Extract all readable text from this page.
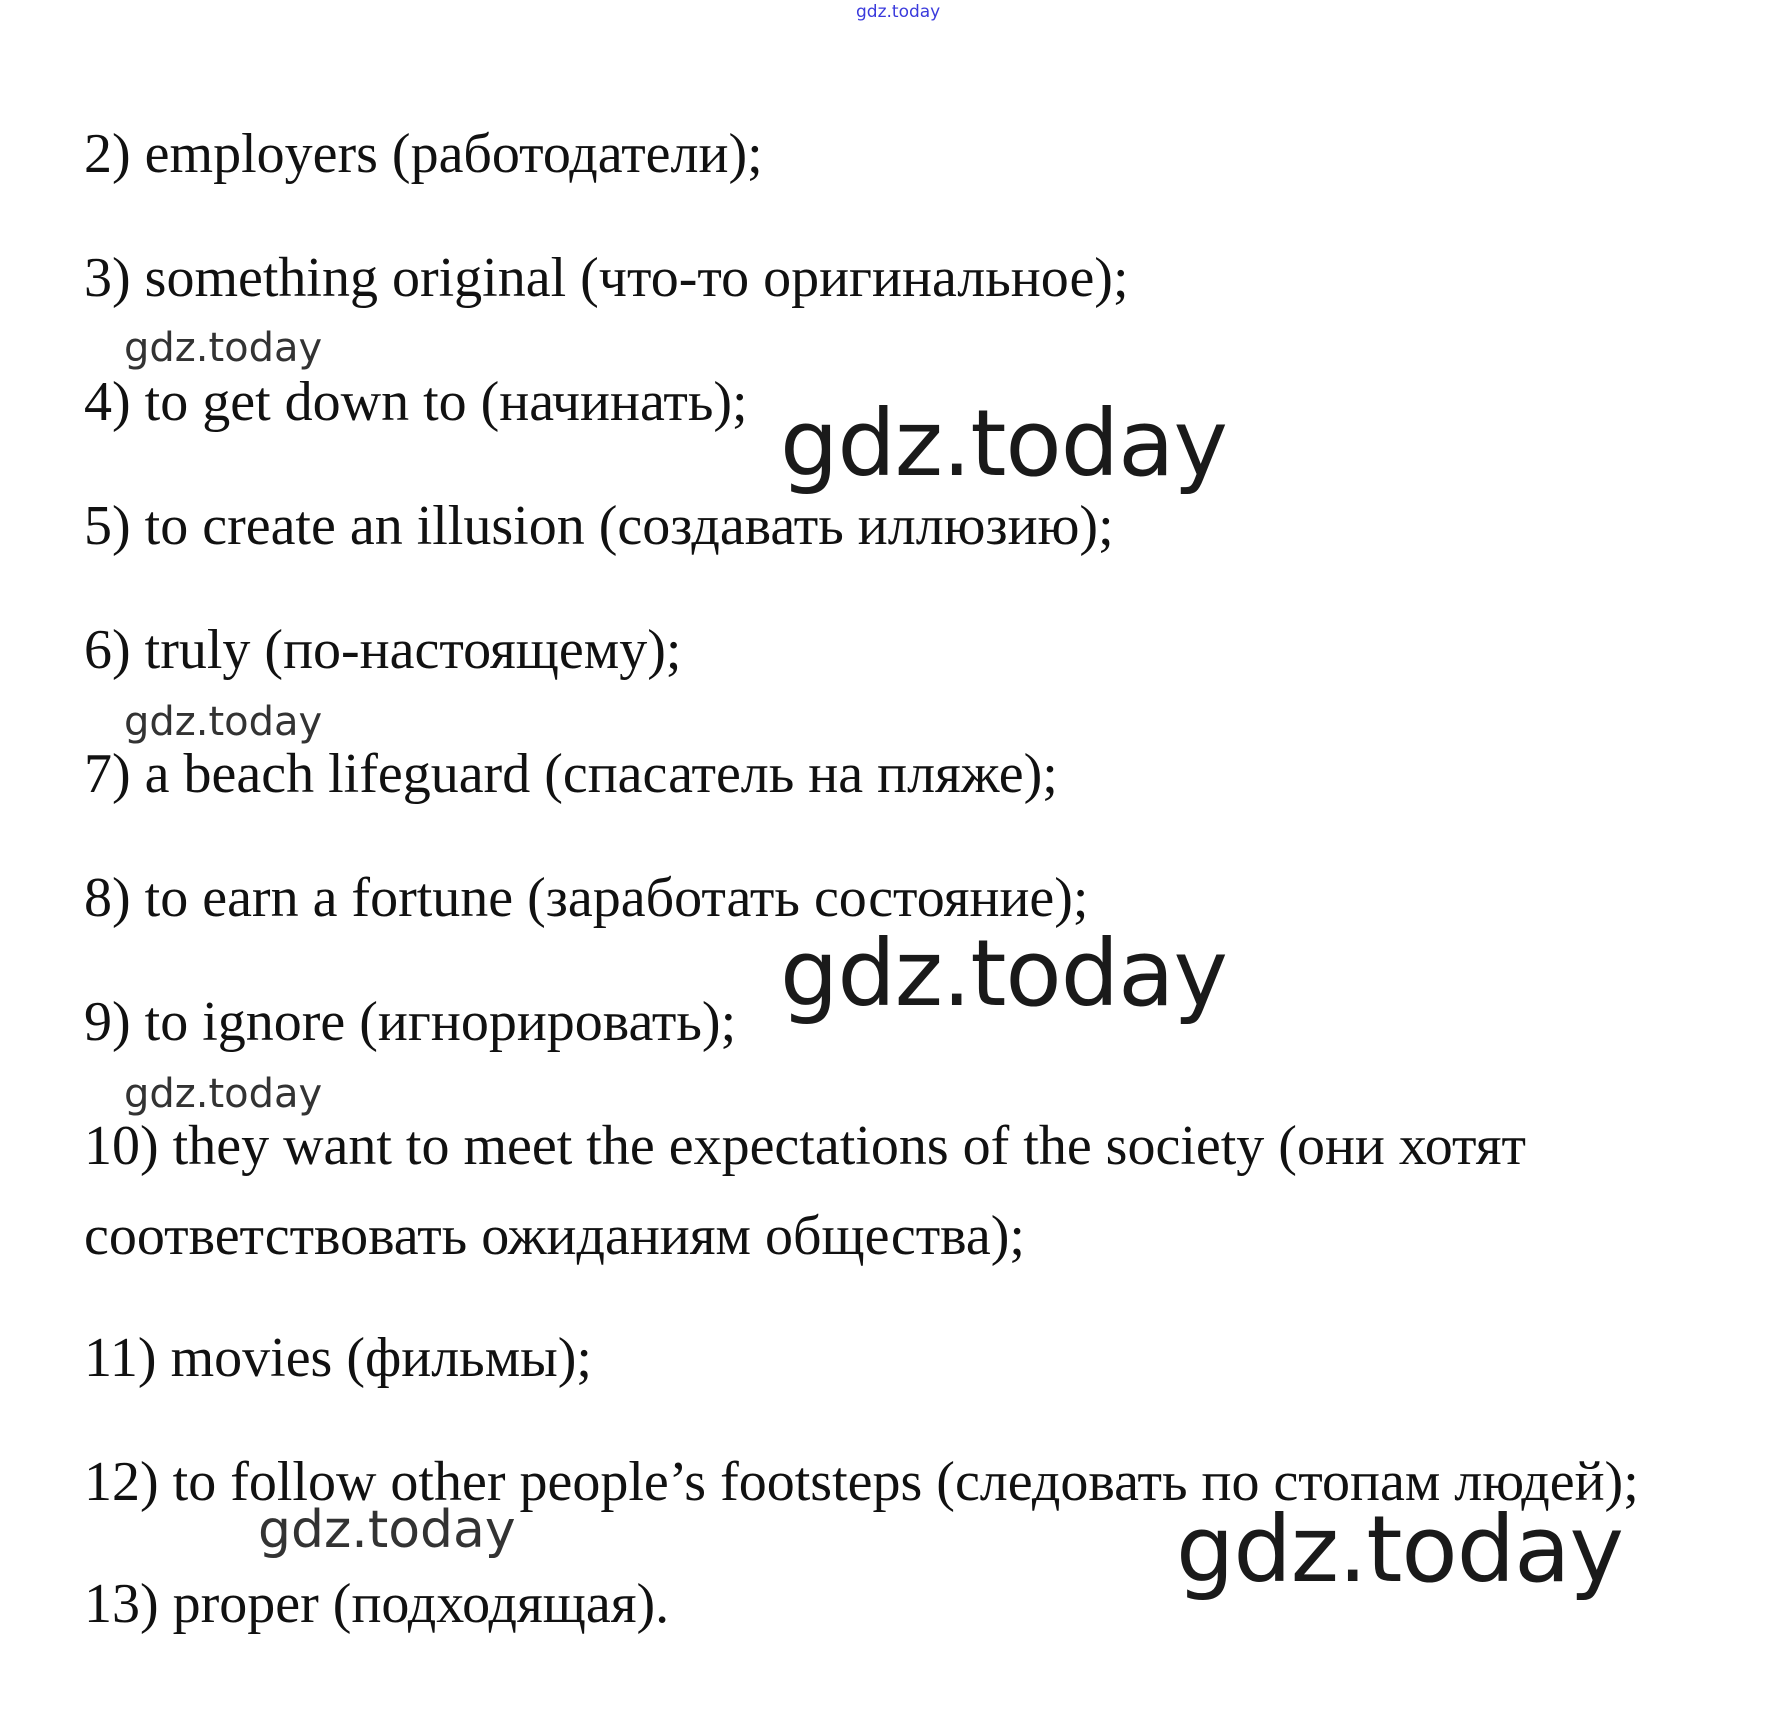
gdz.today

2) employers (работодатели);

3) something original (что-то оригинальное);

gdz.today

4) to get down to (начинать); gdz.today

5) to create an illusion (создавать иллюзию);

6) truly (по-настоящему);

gdz.today

7) a beach lifeguard (спасатель на пляже);

8) to earn a fortune (заработать состояние);

gdz.today

9) to ignore (игнорировать);

gdz.today

10) they want to meet the expectations of the society (они хотят

соответствовать ожиданиям общества);

11) movies (фильмы);

12) to follow other people’s footsteps (следовать по стопам людей);

gdz.today	gdz.today

13) proper (подходящая).
